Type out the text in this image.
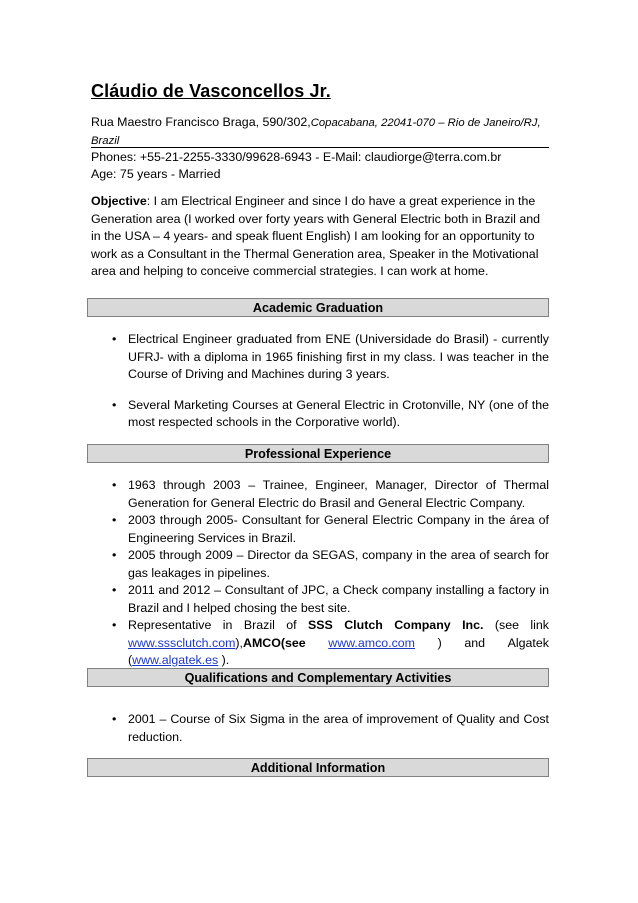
Cláudio de Vasconcellos Jr.
Rua Maestro Francisco Braga, 590/302,Copacabana, 22041-070 – Rio de Janeiro/RJ,
Brazil
Phones: +55-21-2255-3330/99628-6943 - E-Mail: claudiorge@terra.com.br
Age: 75 years - Married
Objective: I am Electrical Engineer and since I do have a great experience in the Generation area (I worked over forty years with General Electric both in Brazil and in the USA – 4 years- and speak fluent English) I am looking for an opportunity to work as a Consultant in the Thermal Generation area, Speaker in the Motivational area and helping to conceive commercial strategies. I can work at home.
Academic Graduation
• Electrical Engineer graduated from ENE (Universidade do Brasil) - currently UFRJ- with a diploma in 1965 finishing first in my class. I was teacher in the Course of Driving and Machines during 3 years.
• Several Marketing Courses at General Electric in Crotonville, NY (one of the most respected schools in the Corporative world).
Professional Experience
• 1963 through 2003 – Trainee, Engineer, Manager, Director of Thermal Generation for General Electric do Brasil and General Electric Company.
• 2003 through 2005- Consultant for General Electric Company in the área of Engineering Services in Brazil.
• 2005 through 2009 – Director da SEGAS, company in the area of search for gas leakages in pipelines.
• 2011 and 2012 – Consultant of JPC, a Check company installing a factory in Brazil and I helped chosing the best site.
• Representative in Brazil of SSS Clutch Company Inc. (see link
www.sssclutch.com),AMCO(see www.amco.com ) and Algatek
(www.algatek.es ).
Qualifications and Complementary Activities
• 2001 – Course of Six Sigma in the area of improvement of Quality and Cost reduction.
Additional Information
